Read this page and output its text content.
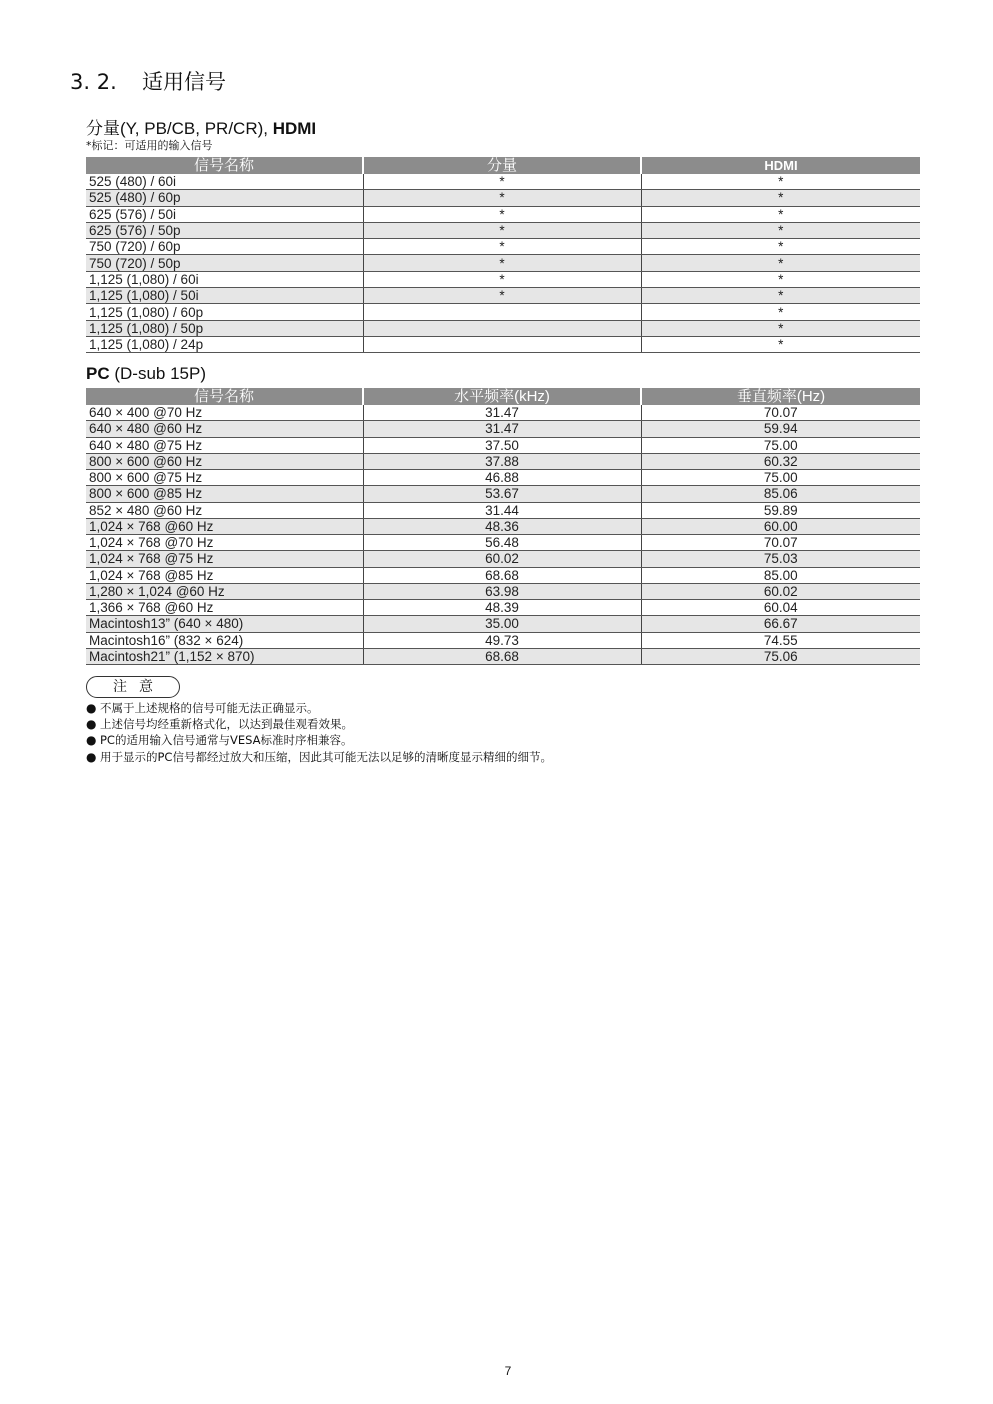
3. 2. 适用信号
分量(Y, PB/CB, PR/CR), HDMI
*标记：可适用的输入信号
信号名称	分量	HDMI
525 (480) / 60i	*	*
525 (480) / 60p	*	*
625 (576) / 50i	*	*
625 (576) / 50p	*	*
750 (720) / 60p	*	*
750 (720) / 50p	*	*
1,125 (1,080) / 60i	*	*
1,125 (1,080) / 50i	*	*
1,125 (1,080) / 60p		*
1,125 (1,080) / 50p		*
1,125 (1,080) / 24p		*
PC (D-sub 15P)
信号名称	水平频率(kHz)	垂直频率(Hz)
640 × 400 @70 Hz	31.47	70.07
640 × 480 @60 Hz	31.47	59.94
640 × 480 @75 Hz	37.50	75.00
800 × 600 @60 Hz	37.88	60.32
800 × 600 @75 Hz	46.88	75.00
800 × 600 @85 Hz	53.67	85.06
852 × 480 @60 Hz	31.44	59.89
1,024 × 768 @60 Hz	48.36	60.00
1,024 × 768 @70 Hz	56.48	70.07
1,024 × 768 @75 Hz	60.02	75.03
1,024 × 768 @85 Hz	68.68	85.00
1,280 × 1,024 @60 Hz	63.98	60.02
1,366 × 768 @60 Hz	48.39	60.04
Macintosh13” (640 × 480)	35.00	66.67
Macintosh16” (832 × 624)	49.73	74.55
Macintosh21” (1,152 × 870)	68.68	75.06
注意
● 不属于上述规格的信号可能无法正确显示。
● 上述信号均经重新格式化，以达到最佳观看效果。
● PC的适用输入信号通常与VESA标准时序相兼容。
● 用于显示的PC信号都经过放大和压缩，因此其可能无法以足够的清晰度显示精细的细节。
7
